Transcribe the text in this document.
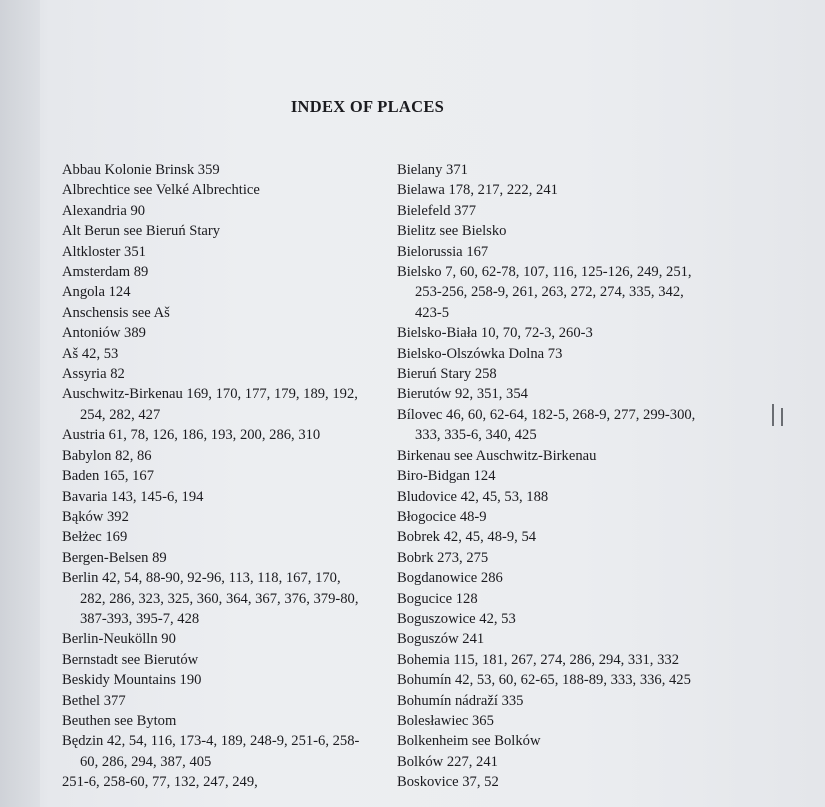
INDEX OF PLACES

Abbau Kolonie Brinsk 359

Albrechtice see Velké Albrechtice

Alexandria 90

Alt Berun see Bieruń Stary

Altkloster 351

Amsterdam 89

Angola 124

Anschensis see Aš

Antoniów 389

Aš 42, 53

Assyria 82

Auschwitz-Birkenau 169, 170, 177, 179, 189, 192, 254, 282, 427

Austria 61, 78, 126, 186, 193, 200, 286, 310

Babylon 82, 86

Baden 165, 167

Bavaria 143, 145-6, 194

Bąków 392

Bełżec 169

Bergen-Belsen 89

Berlin 42, 54, 88-90, 92-96, 113, 118, 167, 170, 282, 286, 323, 325, 360, 364, 367, 376, 379-80, 387-393, 395-7, 428

Berlin-Neukölln 90

Bernstadt see Bierutów

Beskidy Mountains 190

Bethel 377

Beuthen see Bytom

Będzin 42, 54, 116, 173-4, 189, 248-9, 251-6, 258-60, 286, 294, 387, 405

251-6, 258-60, 77, 132, 247, 249,

Bielany 371

Bielawa 178, 217, 222, 241

Bielefeld 377

Bielitz see Bielsko

Bielorussia 167

Bielsko 7, 60, 62-78, 107, 116, 125-126, 249, 251, 253-256, 258-9, 261, 263, 272, 274, 335, 342, 423-5

Bielsko-Biała 10, 70, 72-3, 260-3

Bielsko-Olszówka Dolna 73

Bieruń Stary 258

Bierutów 92, 351, 354

Bílovec 46, 60, 62-64, 182-5, 268-9, 277, 299-300, 333, 335-6, 340, 425

Birkenau see Auschwitz-Birkenau

Biro-Bidgan 124

Bludovice 42, 45, 53, 188

Błogocice 48-9

Bobrek 42, 45, 48-9, 54

Bobrk 273, 275

Bogdanowice 286

Bogucice 128

Boguszowice 42, 53

Boguszów 241

Bohemia 115, 181, 267, 274, 286, 294, 331, 332

Bohumín 42, 53, 60, 62-65, 188-89, 333, 336, 425

Bohumín nádraží 335

Bolesławiec 365

Bolkenheim see Bolków

Bolków 227, 241

Boskovice 37, 52
